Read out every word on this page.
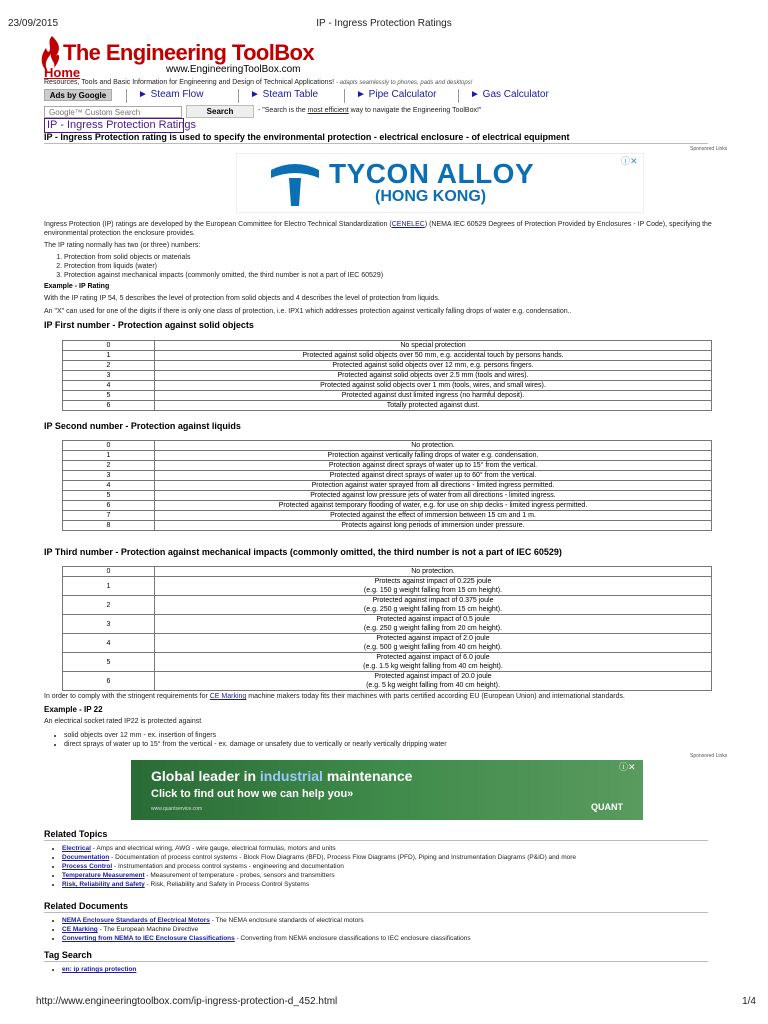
23/09/2015	IP - Ingress Protection Ratings
The Engineering ToolBox
Home	www.EngineeringToolBox.com
Resources, Tools and Basic Information for Engineering and Design of Technical Applications! - adapts seamlessly to phones, pads and desktops!
Ads by Google	► Steam Flow	► Steam Table	► Pipe Calculator	► Gas Calculator
Google™ Custom Search
Search	- "Search is the most efficient way to navigate the Engineering ToolBox!"
IP - Ingress Protection Ratings
IP - Ingress Protection rating is used to specify the environmental protection - electrical enclosure - of electrical equipment
Sponsored Links
TYCON ALLOY
(HONG KONG)
ⓘ✕
Ingress Protection (IP) ratings are developed by the European Committee for Electro Technical Standardization (CENELEC) (NEMA IEC 60529 Degrees of Protection Provided by Enclosures - IP Code), specifying the environmental protection the enclosure provides.
The IP rating normally has two (or three) numbers:
1. Protection from solid objects or materials
2. Protection from liquids (water)
3. Protection against mechanical impacts (commonly omitted, the third number is not a part of IEC 60529)
Example - IP Rating
With the IP rating IP 54, 5 describes the level of protection from solid objects and 4 describes the level of protection from liquids.
An "X" can used for one of the digits if there is only one class of protection, i.e. IPX1 which addresses protection against vertically falling drops of water e.g. condensation..
IP First number - Protection against solid objects
0	No special protection
1	Protected against solid objects over 50 mm, e.g. accidental touch by persons hands.
2	Protected against solid objects over 12 mm, e.g. persons fingers.
3	Protected against solid objects over 2.5 mm (tools and wires).
4	Protected against solid objects over 1 mm (tools, wires, and small wires).
5	Protected against dust limited ingress (no harmful deposit).
6	Totally protected against dust.
IP Second number - Protection against liquids
0	No protection.
1	Protection against vertically falling drops of water e.g. condensation.
2	Protection against direct sprays of water up to 15° from the vertical.
3	Protected against direct sprays of water up to 60° from the vertical.
4	Protection against water sprayed from all directions - limited ingress permitted.
5	Protected against low pressure jets of water from all directions - limited ingress.
6	Protected against temporary flooding of water, e.g. for use on ship decks - limited ingress permitted.
7	Protected against the effect of immersion between 15 cm and 1 m.
8	Protects against long periods of immersion under pressure.
IP Third number - Protection against mechanical impacts (commonly omitted, the third number is not a part of IEC 60529)
0	No protection.
1	Protects against impact of 0.225 joule
(e.g. 150 g weight falling from 15 cm height).
2	Protected against impact of 0.375 joule
(e.g. 250 g weight falling from 15 cm height).
3	Protected against impact of 0.5 joule
(e.g. 250 g weight falling from 20 cm height).
4	Protected against impact of 2.0 joule
(e.g. 500 g weight falling from 40 cm height).
5	Protected against impact of 6.0 joule
(e.g. 1.5 kg weight falling from 40 cm height).
6	Protected against impact of 20.0 joule
(e.g. 5 kg weight falling from 40 cm height).
In order to comply with the stringent requirements for CE Marking machine makers today fits their machines with parts certified according EU (European Union) and international standards.
Example - IP 22
An electrical socket rated IP22 is protected against
• solid objects over 12 mm - ex. insertion of fingers
• direct sprays of water up to 15° from the vertical - ex. damage or unsafety due to vertically or nearly vertically dripping water
Sponsored Links
Global leader in industrial maintenance
Click to find out how we can help you»
www.quantservice.com	QUANT
ⓘ✕
Related Topics
• Electrical - Amps and electrical wiring, AWG - wire gauge, electrical formulas, motors and units
• Documentation - Documentation of process control systems - Block Flow Diagrams (BFD), Process Flow Diagrams (PFD), Piping and Instrumentation Diagrams (P&ID) and more
• Process Control - Instrumentation and process control systems - engineering and documentation
• Temperature Measurement - Measurement of temperature - probes, sensors and transmitters
• Risk, Reliability and Safety - Risk, Reliability and Safety in Process Control Systems
Related Documents
• NEMA Enclosure Standards of Electrical Motors - The NEMA enclosure standards of electrical motors
• CE Marking - The European Machine Directive
• Converting from NEMA to IEC Enclosure Classifications - Converting from NEMA enclosure classifications to IEC enclosure classifications
Tag Search
• en: ip ratings protection
http://www.engineeringtoolbox.com/ip-ingress-protection-d_452.html	1/4
